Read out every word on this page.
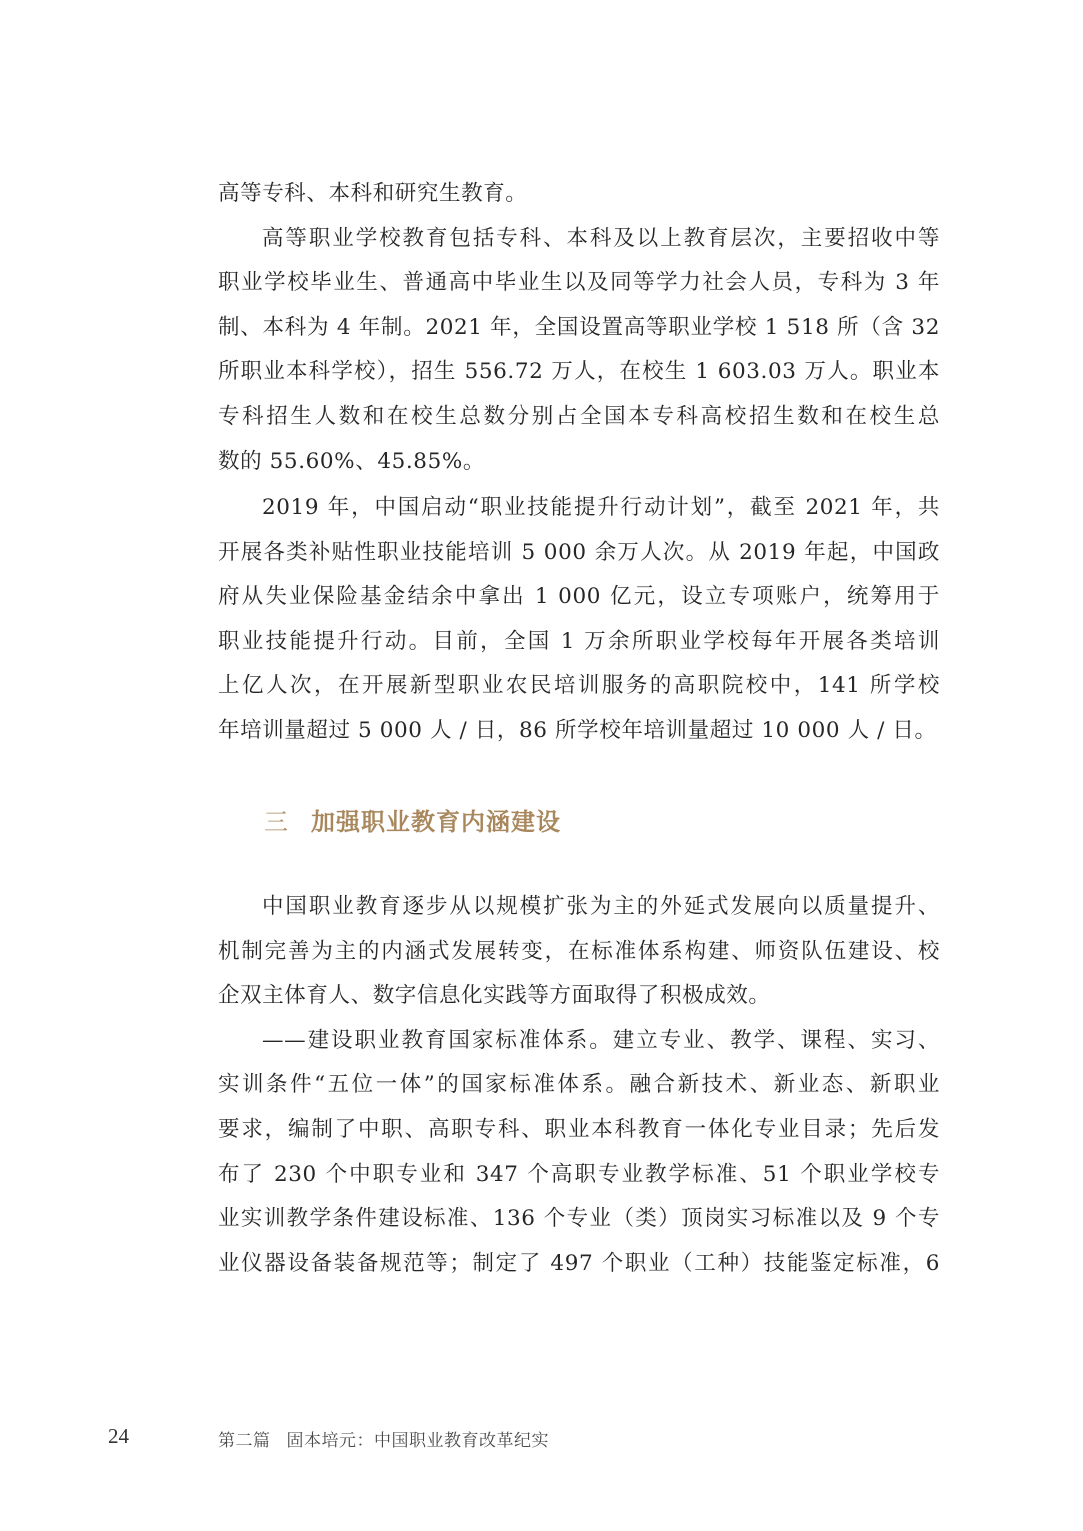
高等专科、本科和研究生教育。
高等职业学校教育包括专科、本科及以上教育层次，主要招收中等
职业学校毕业生、普通高中毕业生以及同等学力社会人员，专科为 3 年
制、本科为 4 年制。2021 年，全国设置高等职业学校 1 518 所（含 32
所职业本科学校），招生 556.72 万人，在校生 1 603.03 万人。职业本
专科招生人数和在校生总数分别占全国本专科高校招生数和在校生总
数的 55.60%、45.85%。
2019 年，中国启动“职业技能提升行动计划”，截至 2021 年，共
开展各类补贴性职业技能培训 5 000 余万人次。从 2019 年起，中国政
府从失业保险基金结余中拿出 1 000 亿元，设立专项账户，统筹用于
职业技能提升行动。目前，全国 1 万余所职业学校每年开展各类培训
上亿人次，在开展新型职业农民培训服务的高职院校中，141 所学校
年培训量超过 5 000 人 / 日，86 所学校年培训量超过 10 000 人 / 日。
三 加强职业教育内涵建设
中国职业教育逐步从以规模扩张为主的外延式发展向以质量提升、
机制完善为主的内涵式发展转变，在标准体系构建、师资队伍建设、校
企双主体育人、数字信息化实践等方面取得了积极成效。
——建设职业教育国家标准体系。建立专业、教学、课程、实习、
实训条件“五位一体”的国家标准体系。融合新技术、新业态、新职业
要求，编制了中职、高职专科、职业本科教育一体化专业目录；先后发
布了 230 个中职专业和 347 个高职专业教学标准、51 个职业学校专
业实训教学条件建设标准、136 个专业（类）顶岗实习标准以及 9 个专
业仪器设备装备规范等；制定了 497 个职业（工种）技能鉴定标准，6
24	第二篇 固本培元：中国职业教育改革纪实
